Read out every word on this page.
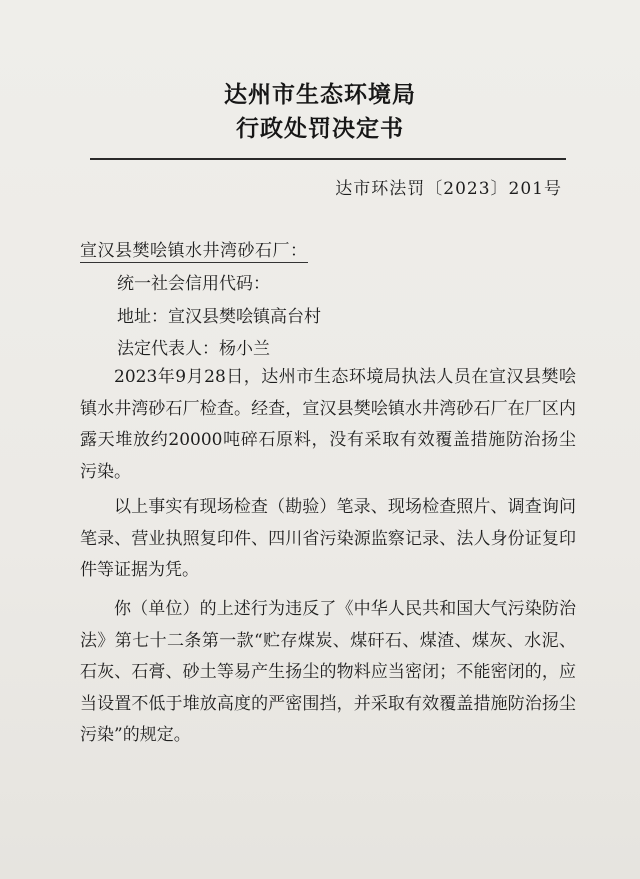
达州市生态环境局
行政处罚决定书
达市环法罚〔2023〕201号
宣汉县樊哙镇水井湾砂石厂：
统一社会信用代码：
地址：宣汉县樊哙镇高台村
法定代表人：杨小兰

2023年9月28日，达州市生态环境局执法人员在宣汉县樊哙镇水井湾砂石厂检查。经查，宣汉县樊哙镇水井湾砂石厂在厂区内露天堆放约20000吨碎石原料，没有采取有效覆盖措施防治扬尘污染。

以上事实有现场检查（勘验）笔录、现场检查照片、调查询问笔录、营业执照复印件、四川省污染源监察记录、法人身份证复印件等证据为凭。

你（单位）的上述行为违反了《中华人民共和国大气污染防治法》第七十二条第一款“贮存煤炭、煤矸石、煤渣、煤灰、水泥、石灰、石膏、砂土等易产生扬尘的物料应当密闭；不能密闭的，应当设置不低于堆放高度的严密围挡，并采取有效覆盖措施防治扬尘污染”的规定。
